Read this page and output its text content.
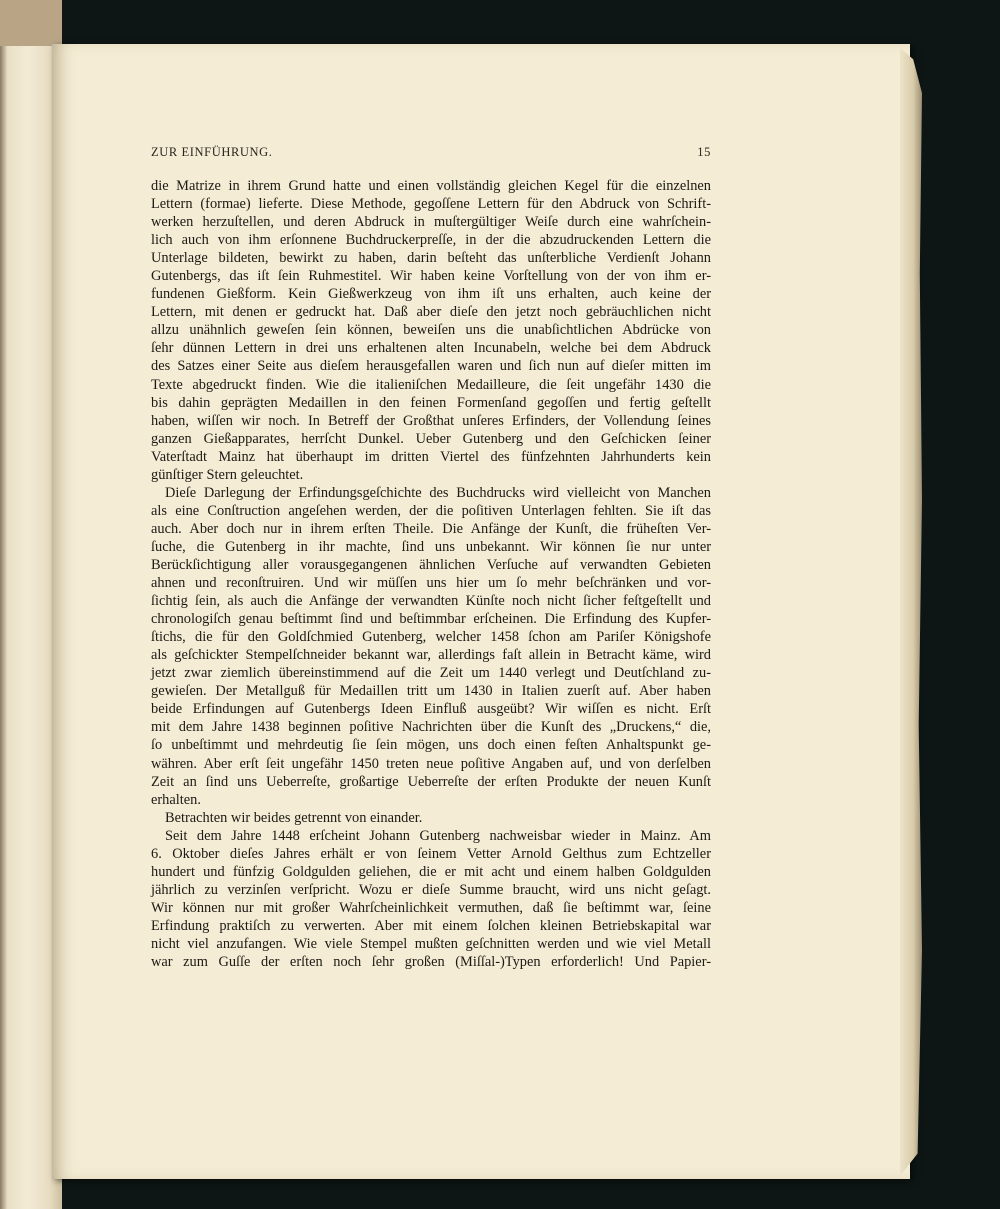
ZUR EINFÜHRUNG.	15
die Matrize in ihrem Grund hatte und einen vollständig gleichen Kegel für die einzelnen
Lettern (formae) lieferte. Diese Methode, gegoſſene Lettern für den Abdruck von Schrift-
werken herzuſtellen, und deren Abdruck in muſtergültiger Weiſe durch eine wahrſchein-
lich auch von ihm erſonnene Buchdruckerpreſſe, in der die abzudruckenden Lettern die
Unterlage bildeten, bewirkt zu haben, darin beſteht das unſterbliche Verdienſt Johann
Gutenbergs, das iſt ſein Ruhmestitel. Wir haben keine Vorſtellung von der von ihm er-
fundenen Gießform. Kein Gießwerkzeug von ihm iſt uns erhalten, auch keine der
Lettern, mit denen er gedruckt hat. Daß aber dieſe den jetzt noch gebräuchlichen nicht
allzu unähnlich geweſen ſein können, beweiſen uns die unabſichtlichen Abdrücke von
ſehr dünnen Lettern in drei uns erhaltenen alten Incunabeln, welche bei dem Abdruck
des Satzes einer Seite aus dieſem herausgefallen waren und ſich nun auf dieſer mitten im
Texte abgedruckt finden. Wie die italieniſchen Medailleure, die ſeit ungefähr 1430 die
bis dahin geprägten Medaillen in den feinen Formenſand gegoſſen und fertig geſtellt
haben, wiſſen wir noch. In Betreff der Großthat unſeres Erfinders, der Vollendung ſeines
ganzen Gießapparates, herrſcht Dunkel. Ueber Gutenberg und den Geſchicken ſeiner
Vaterſtadt Mainz hat überhaupt im dritten Viertel des fünfzehnten Jahrhunderts kein
günſtiger Stern geleuchtet.
Dieſe Darlegung der Erfindungsgeſchichte des Buchdrucks wird vielleicht von Manchen
als eine Conſtruction angeſehen werden, der die poſitiven Unterlagen fehlten. Sie iſt das
auch. Aber doch nur in ihrem erſten Theile. Die Anfänge der Kunſt, die früheſten Ver-
ſuche, die Gutenberg in ihr machte, ſind uns unbekannt. Wir können ſie nur unter
Berückſichtigung aller vorausgegangenen ähnlichen Verſuche auf verwandten Gebieten
ahnen und reconſtruiren. Und wir müſſen uns hier um ſo mehr beſchränken und vor-
ſichtig ſein, als auch die Anfänge der verwandten Künſte noch nicht ſicher feſtgeſtellt und
chronologiſch genau beſtimmt ſind und beſtimmbar erſcheinen. Die Erfindung des Kupfer-
ſtichs, die für den Goldſchmied Gutenberg, welcher 1458 ſchon am Pariſer Königshofe
als geſchickter Stempelſchneider bekannt war, allerdings faſt allein in Betracht käme, wird
jetzt zwar ziemlich übereinstimmend auf die Zeit um 1440 verlegt und Deutſchland zu-
gewieſen. Der Metallguß für Medaillen tritt um 1430 in Italien zuerſt auf. Aber haben
beide Erfindungen auf Gutenbergs Ideen Einfluß ausgeübt? Wir wiſſen es nicht. Erſt
mit dem Jahre 1438 beginnen poſitive Nachrichten über die Kunſt des „Druckens,“ die,
ſo unbeſtimmt und mehrdeutig ſie ſein mögen, uns doch einen feſten Anhaltspunkt ge-
währen. Aber erſt ſeit ungefähr 1450 treten neue poſitive Angaben auf, und von derſelben
Zeit an ſind uns Ueberreſte, großartige Ueberreſte der erſten Produkte der neuen Kunſt
erhalten.
Betrachten wir beides getrennt von einander.
Seit dem Jahre 1448 erſcheint Johann Gutenberg nachweisbar wieder in Mainz. Am
6. Oktober dieſes Jahres erhält er von ſeinem Vetter Arnold Gelthus zum Echtzeller
hundert und fünfzig Goldgulden geliehen, die er mit acht und einem halben Goldgulden
jährlich zu verzinſen verſpricht. Wozu er dieſe Summe braucht, wird uns nicht geſagt.
Wir können nur mit großer Wahrſcheinlichkeit vermuthen, daß ſie beſtimmt war, ſeine
Erfindung praktiſch zu verwerten. Aber mit einem ſolchen kleinen Betriebskapital war
nicht viel anzufangen. Wie viele Stempel mußten geſchnitten werden und wie viel Metall
war zum Guſſe der erſten noch ſehr großen (Miſſal-)Typen erforderlich! Und Papier-
